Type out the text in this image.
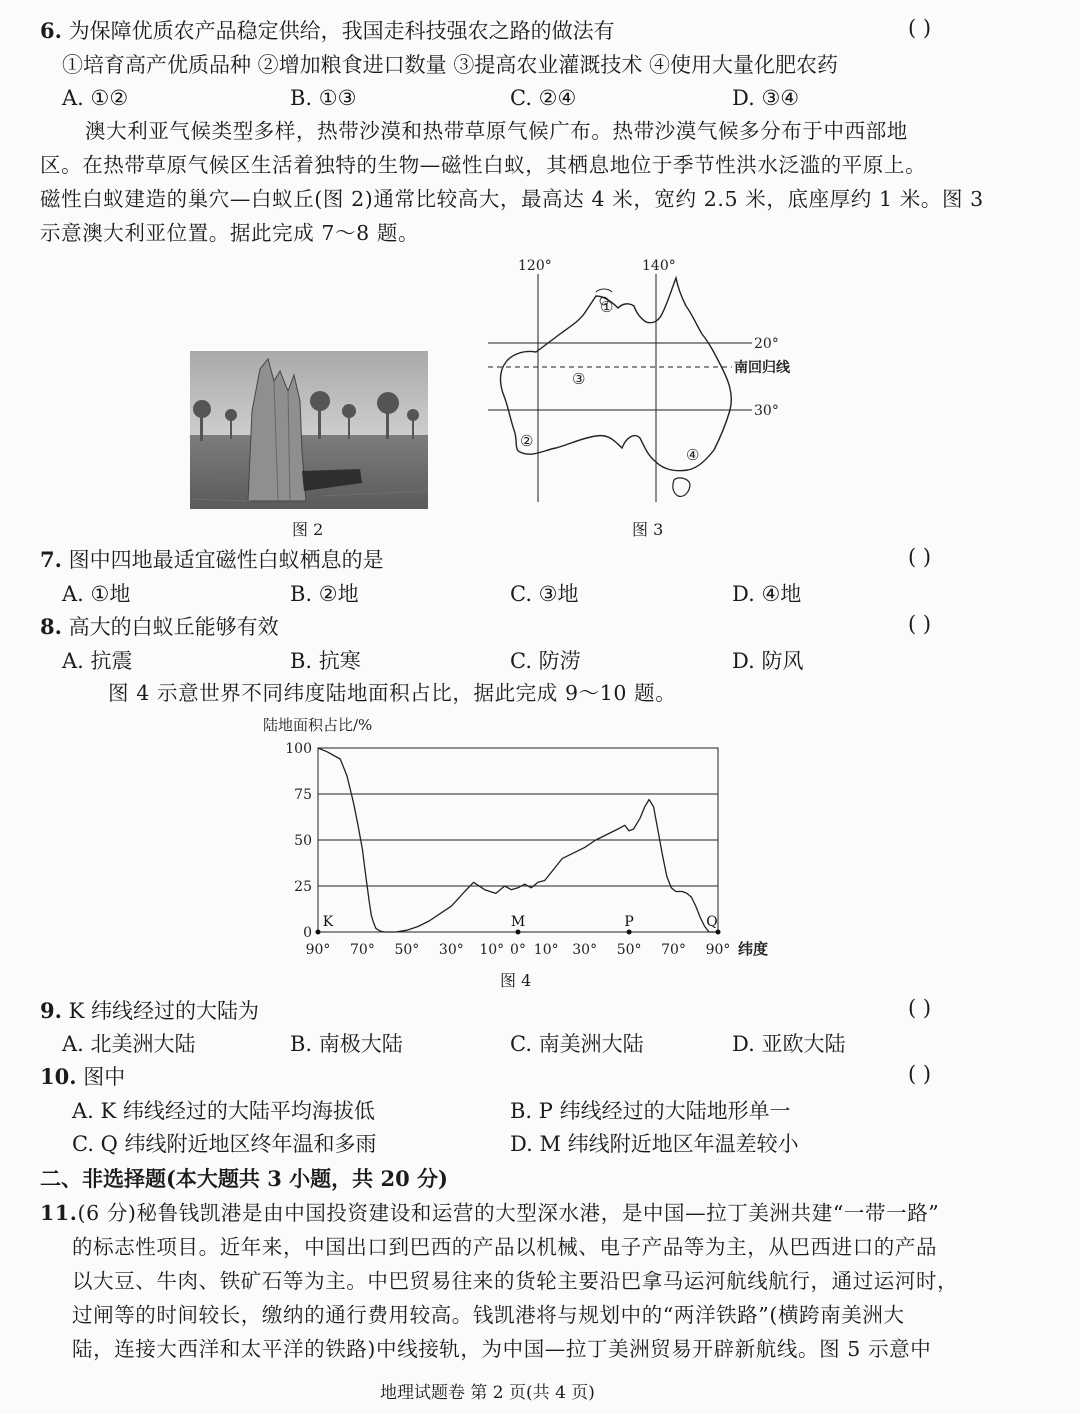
6. 为保障优质农产品稳定供给，我国走科技强农之路的做法有	( )
①培育高产优质品种 ②增加粮食进口数量 ③提高农业灌溉技术 ④使用大量化肥农药
A. ①②	B. ①③	C. ②④	D. ③④
澳大利亚气候类型多样，热带沙漠和热带草原气候广布。热带沙漠气候多分布于中西部地
区。在热带草原气候区生活着独特的生物—磁性白蚁，其栖息地位于季节性洪水泛滥的平原上。
磁性白蚁建造的巢穴—白蚁丘(图 2)通常比较高大，最高达 4 米，宽约 2.5 米，底座厚约 1 米。图 3
示意澳大利亚位置。据此完成 7～8 题。
图 2
120°	140°
20°
南回归线
30°
①
②
③
④
图 3
7. 图中四地最适宜磁性白蚁栖息的是	( )
A. ①地	B. ②地	C. ③地	D. ④地
8. 高大的白蚁丘能够有效	( )
A. 抗震	B. 抗寒	C. 防涝	D. 防风
图 4 示意世界不同纬度陆地面积占比，据此完成 9～10 题。
0
25
50
75
100
陆地面积占比/%
90° 70° 50° 30° 10° 0° 10° 30° 50° 70° 90° 纬度
K	M	P	Q
图 4
9. K 纬线经过的大陆为	( )
A. 北美洲大陆	B. 南极大陆	C. 南美洲大陆	D. 亚欧大陆
10. 图中	( )
A. K 纬线经过的大陆平均海拔低	B. P 纬线经过的大陆地形单一
C. Q 纬线附近地区终年温和多雨	D. M 纬线附近地区年温差较小
二、非选择题(本大题共 3 小题，共 20 分)
11.(6 分)秘鲁钱凯港是由中国投资建设和运营的大型深水港，是中国—拉丁美洲共建“一带一路”
的标志性项目。近年来，中国出口到巴西的产品以机械、电子产品等为主，从巴西进口的产品
以大豆、牛肉、铁矿石等为主。中巴贸易往来的货轮主要沿巴拿马运河航线航行，通过运河时，
过闸等的时间较长，缴纳的通行费用较高。钱凯港将与规划中的“两洋铁路”(横跨南美洲大
陆，连接大西洋和太平洋的铁路)中线接轨，为中国—拉丁美洲贸易开辟新航线。图 5 示意中
地理试题卷 第 2 页(共 4 页)
